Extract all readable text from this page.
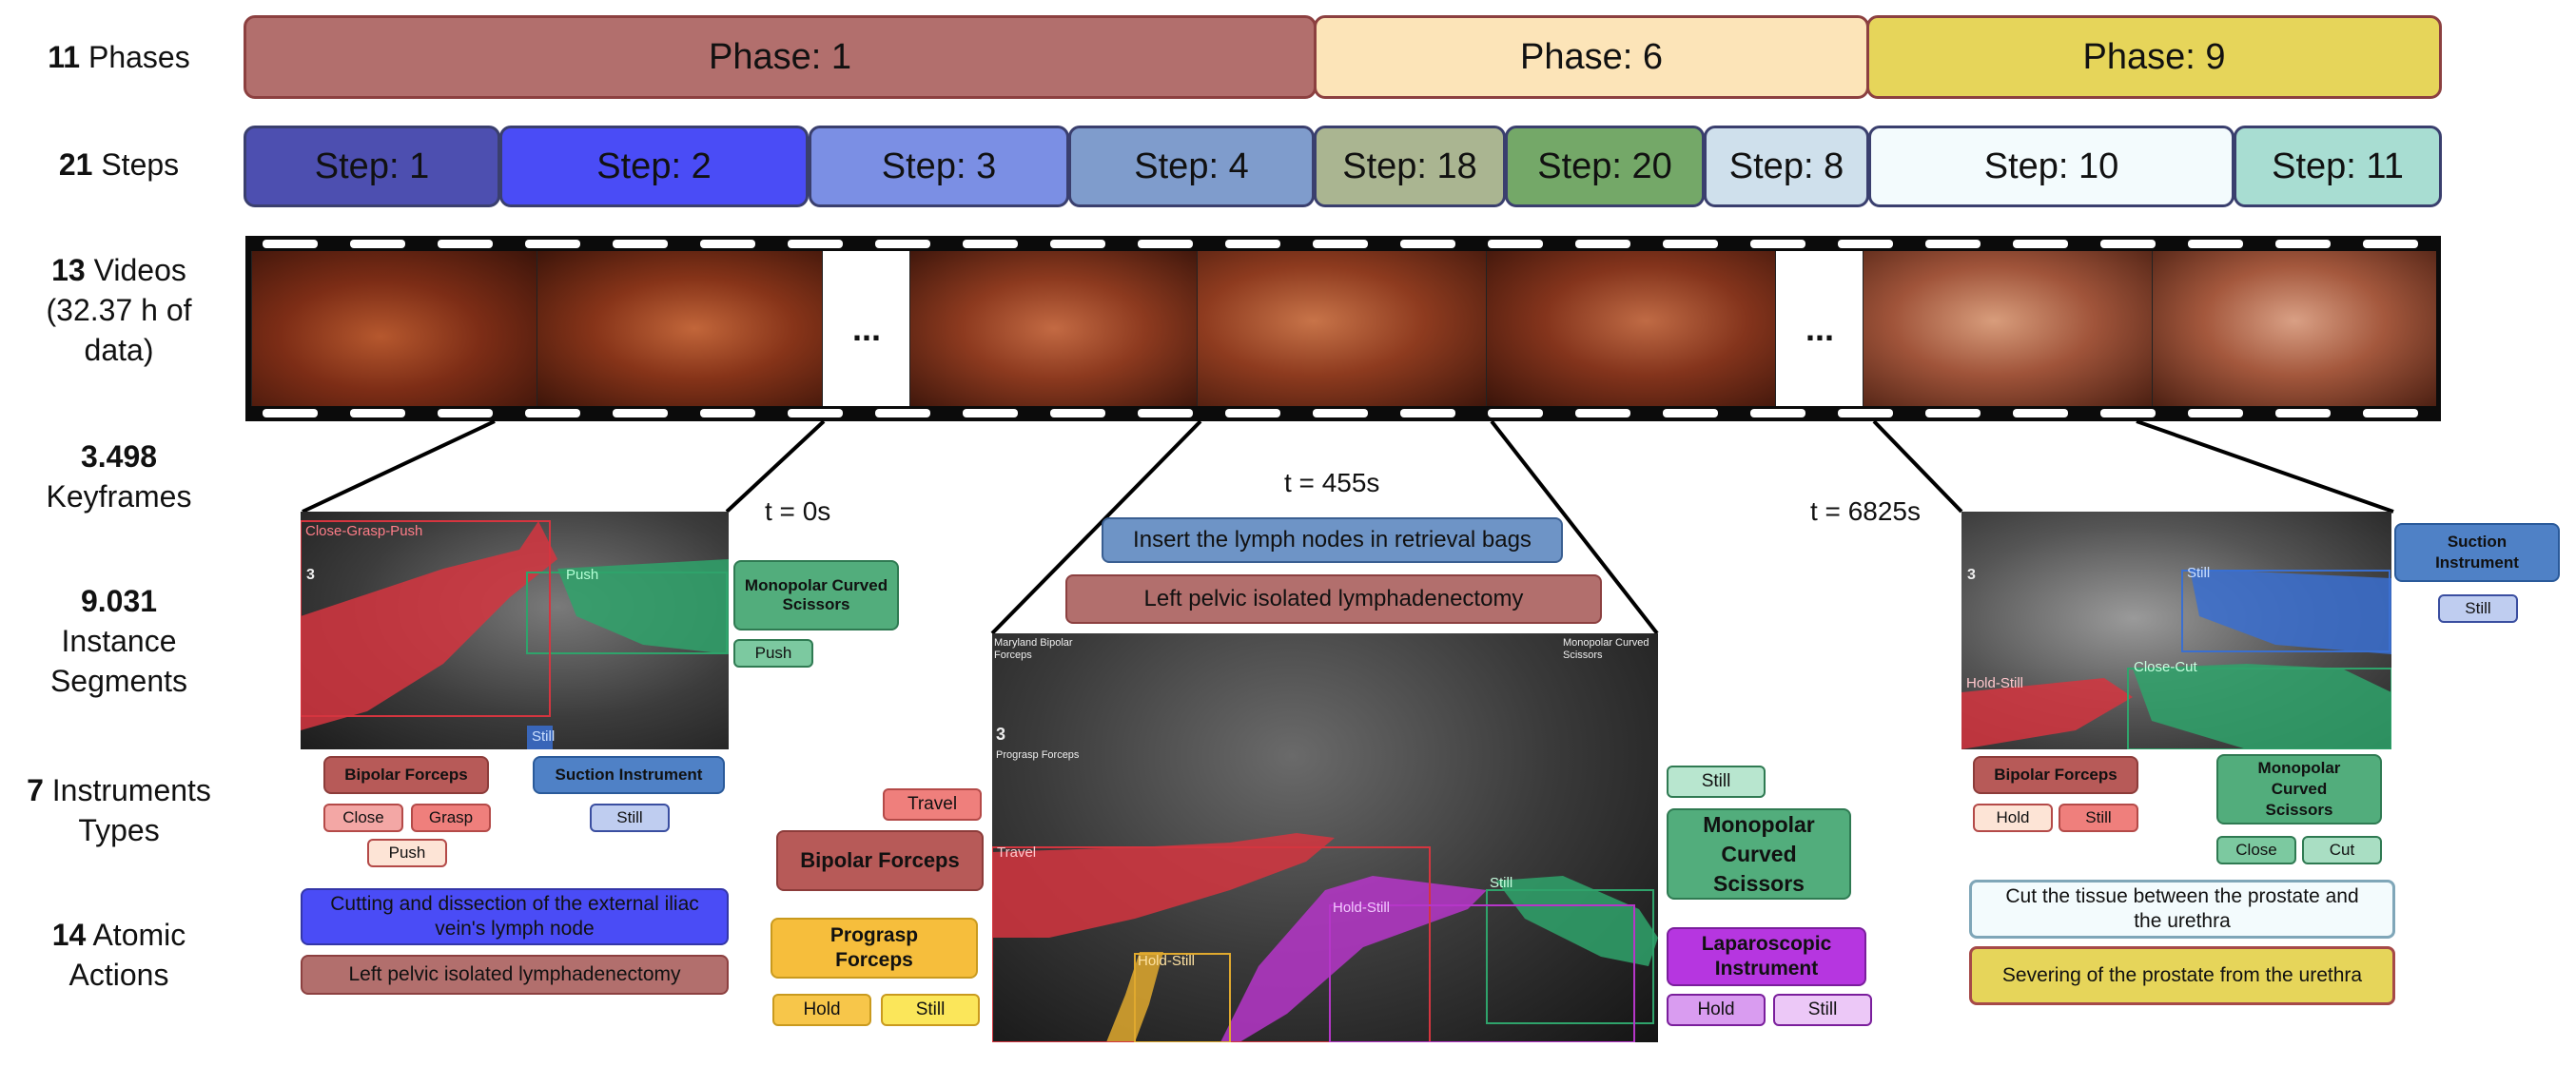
11 Phases
21 Steps
13 Videos
(32.37 h of
data)
3.498
Keyframes
9.031
Instance
Segments
7 Instruments
Types
14 Atomic
Actions
Phase: 1	Phase: 6	Phase: 9
Step: 1	Step: 2	Step: 3	Step: 4	Step: 18	Step: 20	Step: 8	Step: 10	Step: 11
...	...
t = 0s
t = 455s
t = 6825s
Close-Grasp-Push
Push
Still
3
Monopolar Curved Scissors
Push
Bipolar Forceps
Close	Grasp
Push
Suction Instrument
Still
Cutting and dissection of the external iliac vein's lymph node
Left pelvic isolated lymphadenectomy
Insert the lymph nodes in retrieval bags
Left pelvic isolated lymphadenectomy
Maryland Bipolar Forceps
Monopolar Curved Scissors
3
Prograsp Forceps
Travel
Hold-Still
Hold-Still
Still
Travel
Bipolar Forceps
Prograsp Forceps
Hold	Still
Still
Monopolar Curved Scissors
Laparoscopic Instrument
Hold	Still
Still
Hold-Still
Close-Cut
3
Suction Instrument
Still
Bipolar Forceps
Hold	Still
Monopolar Curved Scissors
Close	Cut
Cut the tissue between the prostate and the urethra
Severing of the prostate from the urethra
